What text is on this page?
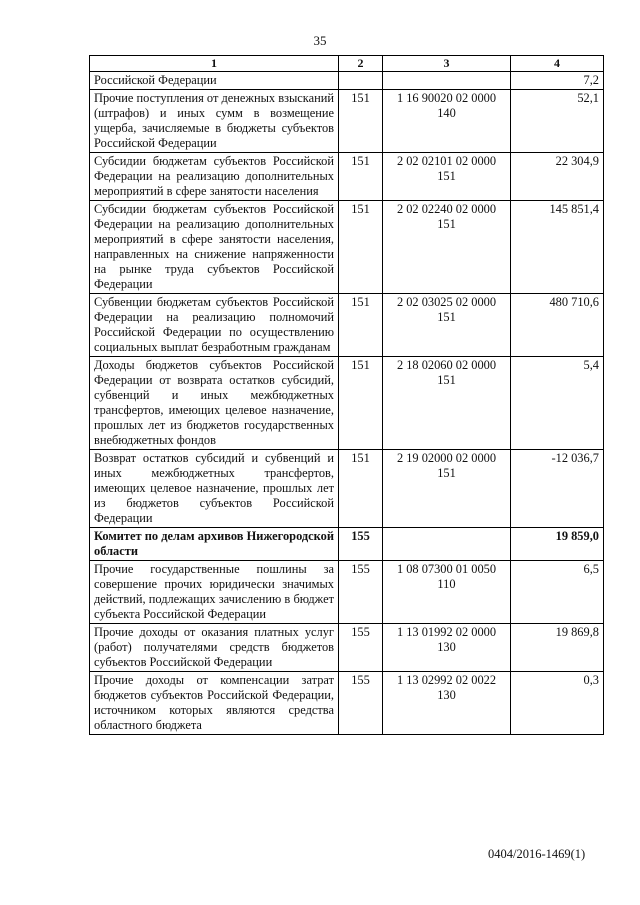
35
1	2	3	4
Российской Федерации			7,2
Прочие поступления от денежных взысканий (штрафов) и иных сумм в возмещение ущерба, зачисляемые в бюджеты субъектов Российской Федерации	151	1 16 90020 02 0000 140	52,1
Субсидии бюджетам субъектов Российской Федерации на реализацию дополнительных мероприятий в сфере занятости населения	151	2 02 02101 02 0000 151	22 304,9
Субсидии бюджетам субъектов Российской Федерации на реализацию дополнительных мероприятий в сфере занятости населения, направленных на снижение напряженности на рынке труда субъектов Российской Федерации	151	2 02 02240 02 0000 151	145 851,4
Субвенции бюджетам субъектов Российской Федерации на реализацию полномочий Российской Федерации по осуществлению социальных выплат безработным гражданам	151	2 02 03025 02 0000 151	480 710,6
Доходы бюджетов субъектов Российской Федерации от возврата остатков субсидий, субвенций и иных межбюджетных трансфертов, имеющих целевое назначение, прошлых лет из бюджетов государственных внебюджетных фондов	151	2 18 02060 02 0000 151	5,4
Возврат остатков субсидий и субвенций и иных межбюджетных трансфертов, имеющих целевое назначение, прошлых лет из бюджетов субъектов Российской Федерации	151	2 19 02000 02 0000 151	-12 036,7
Комитет по делам архивов Нижегородской области	155		19 859,0
Прочие государственные пошлины за совершение прочих юридически значимых действий, подлежащих зачислению в бюджет субъекта Российской Федерации	155	1 08 07300 01 0050 110	6,5
Прочие доходы от оказания платных услуг (работ) получателями средств бюджетов субъектов Российской Федерации	155	1 13 01992 02 0000 130	19 869,8
Прочие доходы от компенсации затрат бюджетов субъектов Российской Федерации, источником которых являются средства областного бюджета	155	1 13 02992 02 0022 130	0,3
0404/2016-1469(1)
